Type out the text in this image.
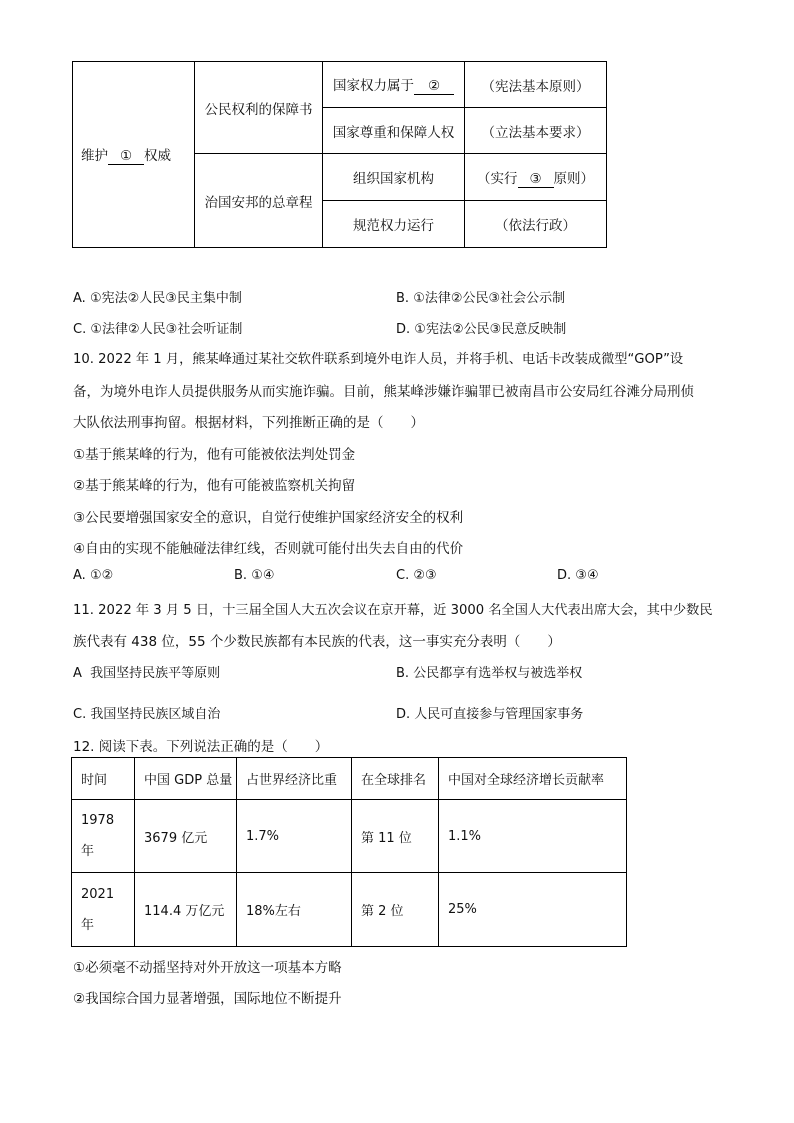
维护 ① 权威	公民权利的保障书	国家权力属于 ②	（宪法基本原则）
		国家尊重和保障人权	（立法基本要求）
	治国安邦的总章程	组织国家机构	（实行 ③ 原则）
		规范权力运行	（依法行政）
A. ①宪法②人民③民主集中制	B. ①法律②公民③社会公示制
C. ①法律②人民③社会听证制	D. ①宪法②公民③民意反映制
10. 2022 年 1 月，熊某峰通过某社交软件联系到境外电诈人员，并将手机、电话卡改装成微型“GOP”设
备，为境外电诈人员提供服务从而实施诈骗。目前，熊某峰涉嫌诈骗罪已被南昌市公安局红谷滩分局刑侦
大队依法刑事拘留。根据材料，下列推断正确的是（　　）
①基于熊某峰的行为，他有可能被依法判处罚金
②基于熊某峰的行为，他有可能被监察机关拘留
③公民要增强国家安全的意识，自觉行使维护国家经济安全的权利
④自由的实现不能触碰法律红线，否则就可能付出失去自由的代价
A. ①②	B. ①④	C. ②③	D. ③④
11. 2022 年 3 月 5 日，十三届全国人大五次会议在京开幕，近 3000 名全国人大代表出席大会，其中少数民
族代表有 438 位，55 个少数民族都有本民族的代表，这一事实充分表明（　　）
A 我国坚持民族平等原则	B. 公民都享有选举权与被选举权
C. 我国坚持民族区域自治	D. 人民可直接参与管理国家事务
12. 阅读下表。下列说法正确的是（　　）
时间	中国 GDP 总量	占世界经济比重	在全球排名	中国对全球经济增长贡献率
1978
年	3679 亿元	1.7%	第 11 位	1.1%
2021
年	114.4 万亿元	18%左右	第 2 位	25%
①必须毫不动摇坚持对外开放这一项基本方略
②我国综合国力显著增强，国际地位不断提升
